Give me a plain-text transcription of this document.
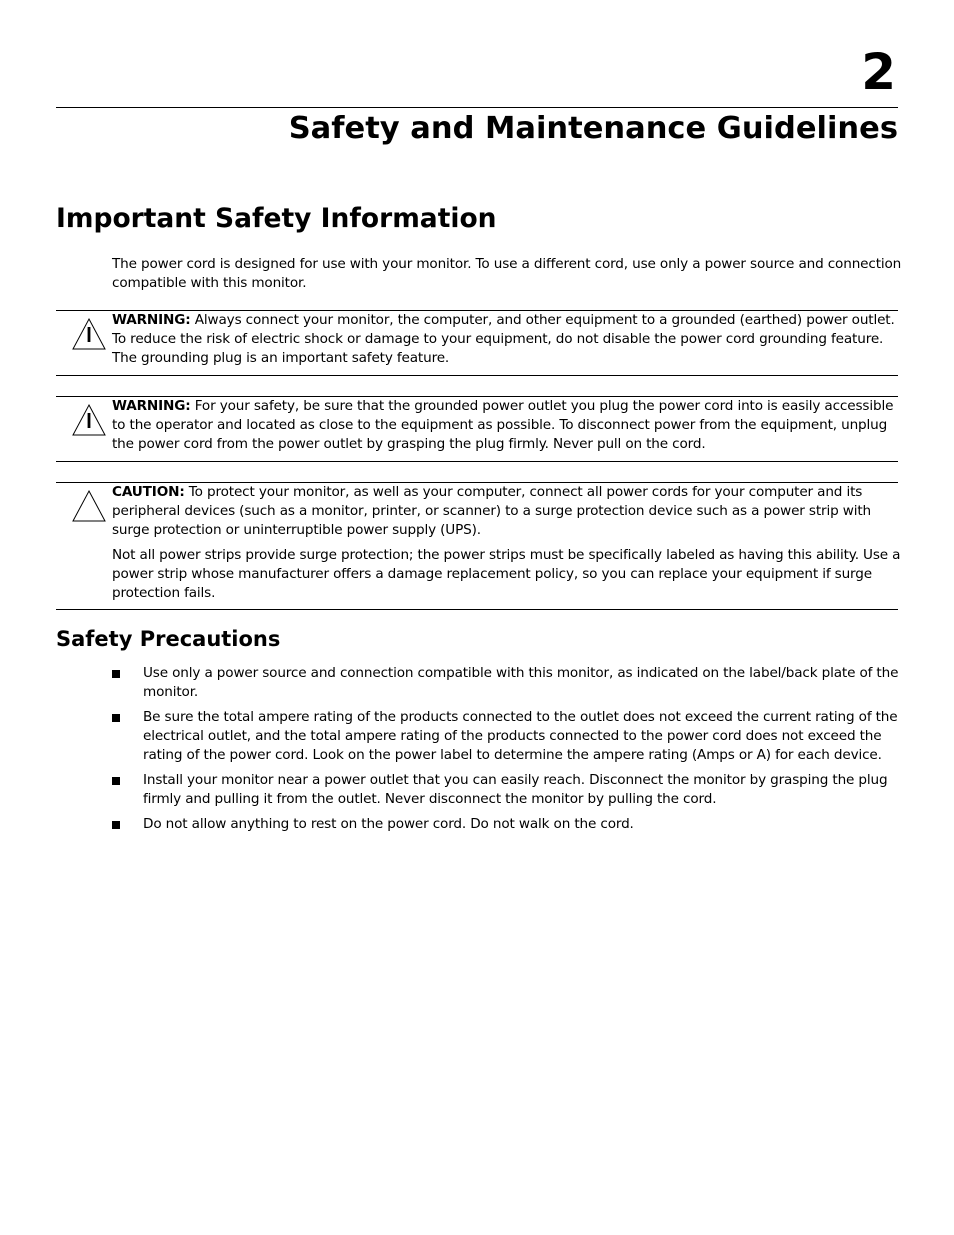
2
Safety and Maintenance Guidelines
Important Safety Information

The power cord is designed for use with your monitor. To use a different cord, use only a power source and connection compatible with this monitor.

WARNING: Always connect your monitor, the computer, and other equipment to a grounded (earthed) power outlet. To reduce the risk of electric shock or damage to your equipment, do not disable the power cord grounding feature. The grounding plug is an important safety feature.

WARNING: For your safety, be sure that the grounded power outlet you plug the power cord into is easily accessible to the operator and located as close to the equipment as possible. To disconnect power from the equipment, unplug the power cord from the power outlet by grasping the plug firmly. Never pull on the cord.

CAUTION: To protect your monitor, as well as your computer, connect all power cords for your computer and its peripheral devices (such as a monitor, printer, or scanner) to a surge protection device such as a power strip with surge protection or uninterruptible power supply (UPS).

Not all power strips provide surge protection; the power strips must be specifically labeled as having this ability. Use a power strip whose manufacturer offers a damage replacement policy, so you can replace your equipment if surge protection fails.

Safety Precautions
Use only a power source and connection compatible with this monitor, as indicated on the label/back plate of the monitor.
Be sure the total ampere rating of the products connected to the outlet does not exceed the current rating of the electrical outlet, and the total ampere rating of the products connected to the power cord does not exceed the rating of the power cord. Look on the power label to determine the ampere rating (Amps or A) for each device.
Install your monitor near a power outlet that you can easily reach. Disconnect the monitor by grasping the plug firmly and pulling it from the outlet. Never disconnect the monitor by pulling the cord.
Do not allow anything to rest on the power cord. Do not walk on the cord.
